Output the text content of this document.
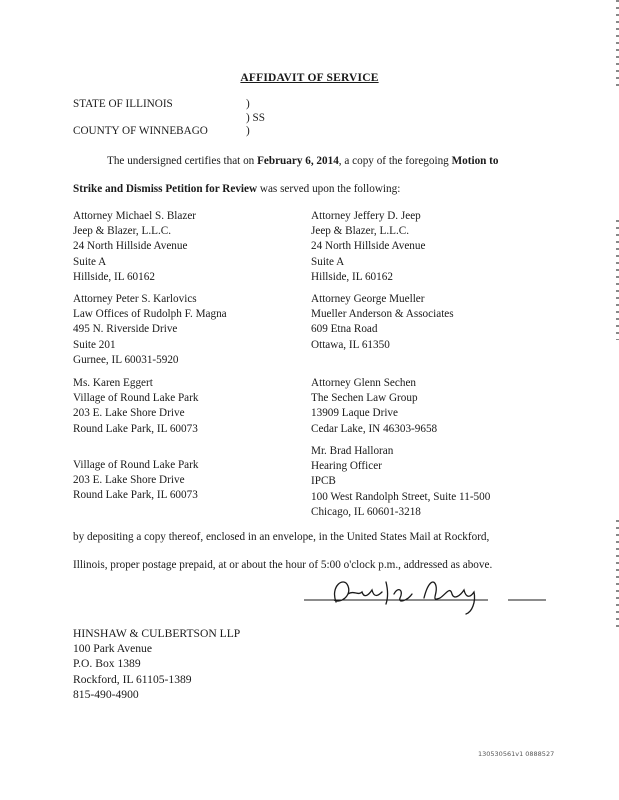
AFFIDAVIT OF SERVICE
STATE OF ILLINOIS	)
) SS
COUNTY OF WINNEBAGO	)
The undersigned certifies that on February 6, 2014, a copy of the foregoing Motion to
Strike and Dismiss Petition for Review was served upon the following:
Attorney Michael S. Blazer
Jeep & Blazer, L.L.C.
24 North Hillside Avenue
Suite A
Hillside, IL 60162
Attorney Jeffery D. Jeep
Jeep & Blazer, L.L.C.
24 North Hillside Avenue
Suite A
Hillside, IL 60162
Attorney Peter S. Karlovics
Law Offices of Rudolph F. Magna
495 N. Riverside Drive
Suite 201
Gurnee, IL 60031-5920
Attorney George Mueller
Mueller Anderson & Associates
609 Etna Road
Ottawa, IL 61350
Ms. Karen Eggert
Village of Round Lake Park
203 E. Lake Shore Drive
Round Lake Park, IL 60073
Attorney Glenn Sechen
The Sechen Law Group
13909 Laque Drive
Cedar Lake, IN 46303-9658
Village of Round Lake Park
203 E. Lake Shore Drive
Round Lake Park, IL 60073
Mr. Brad Halloran
Hearing Officer
IPCB
100 West Randolph Street, Suite 11-500
Chicago, IL 60601-3218
by depositing a copy thereof, enclosed in an envelope, in the United States Mail at Rockford,
Illinois, proper postage prepaid, at or about the hour of 5:00 o'clock p.m., addressed as above.
HINSHAW & CULBERTSON LLP
100 Park Avenue
P.O. Box 1389
Rockford, IL 61105-1389
815-490-4900
130530561v1 0888527
